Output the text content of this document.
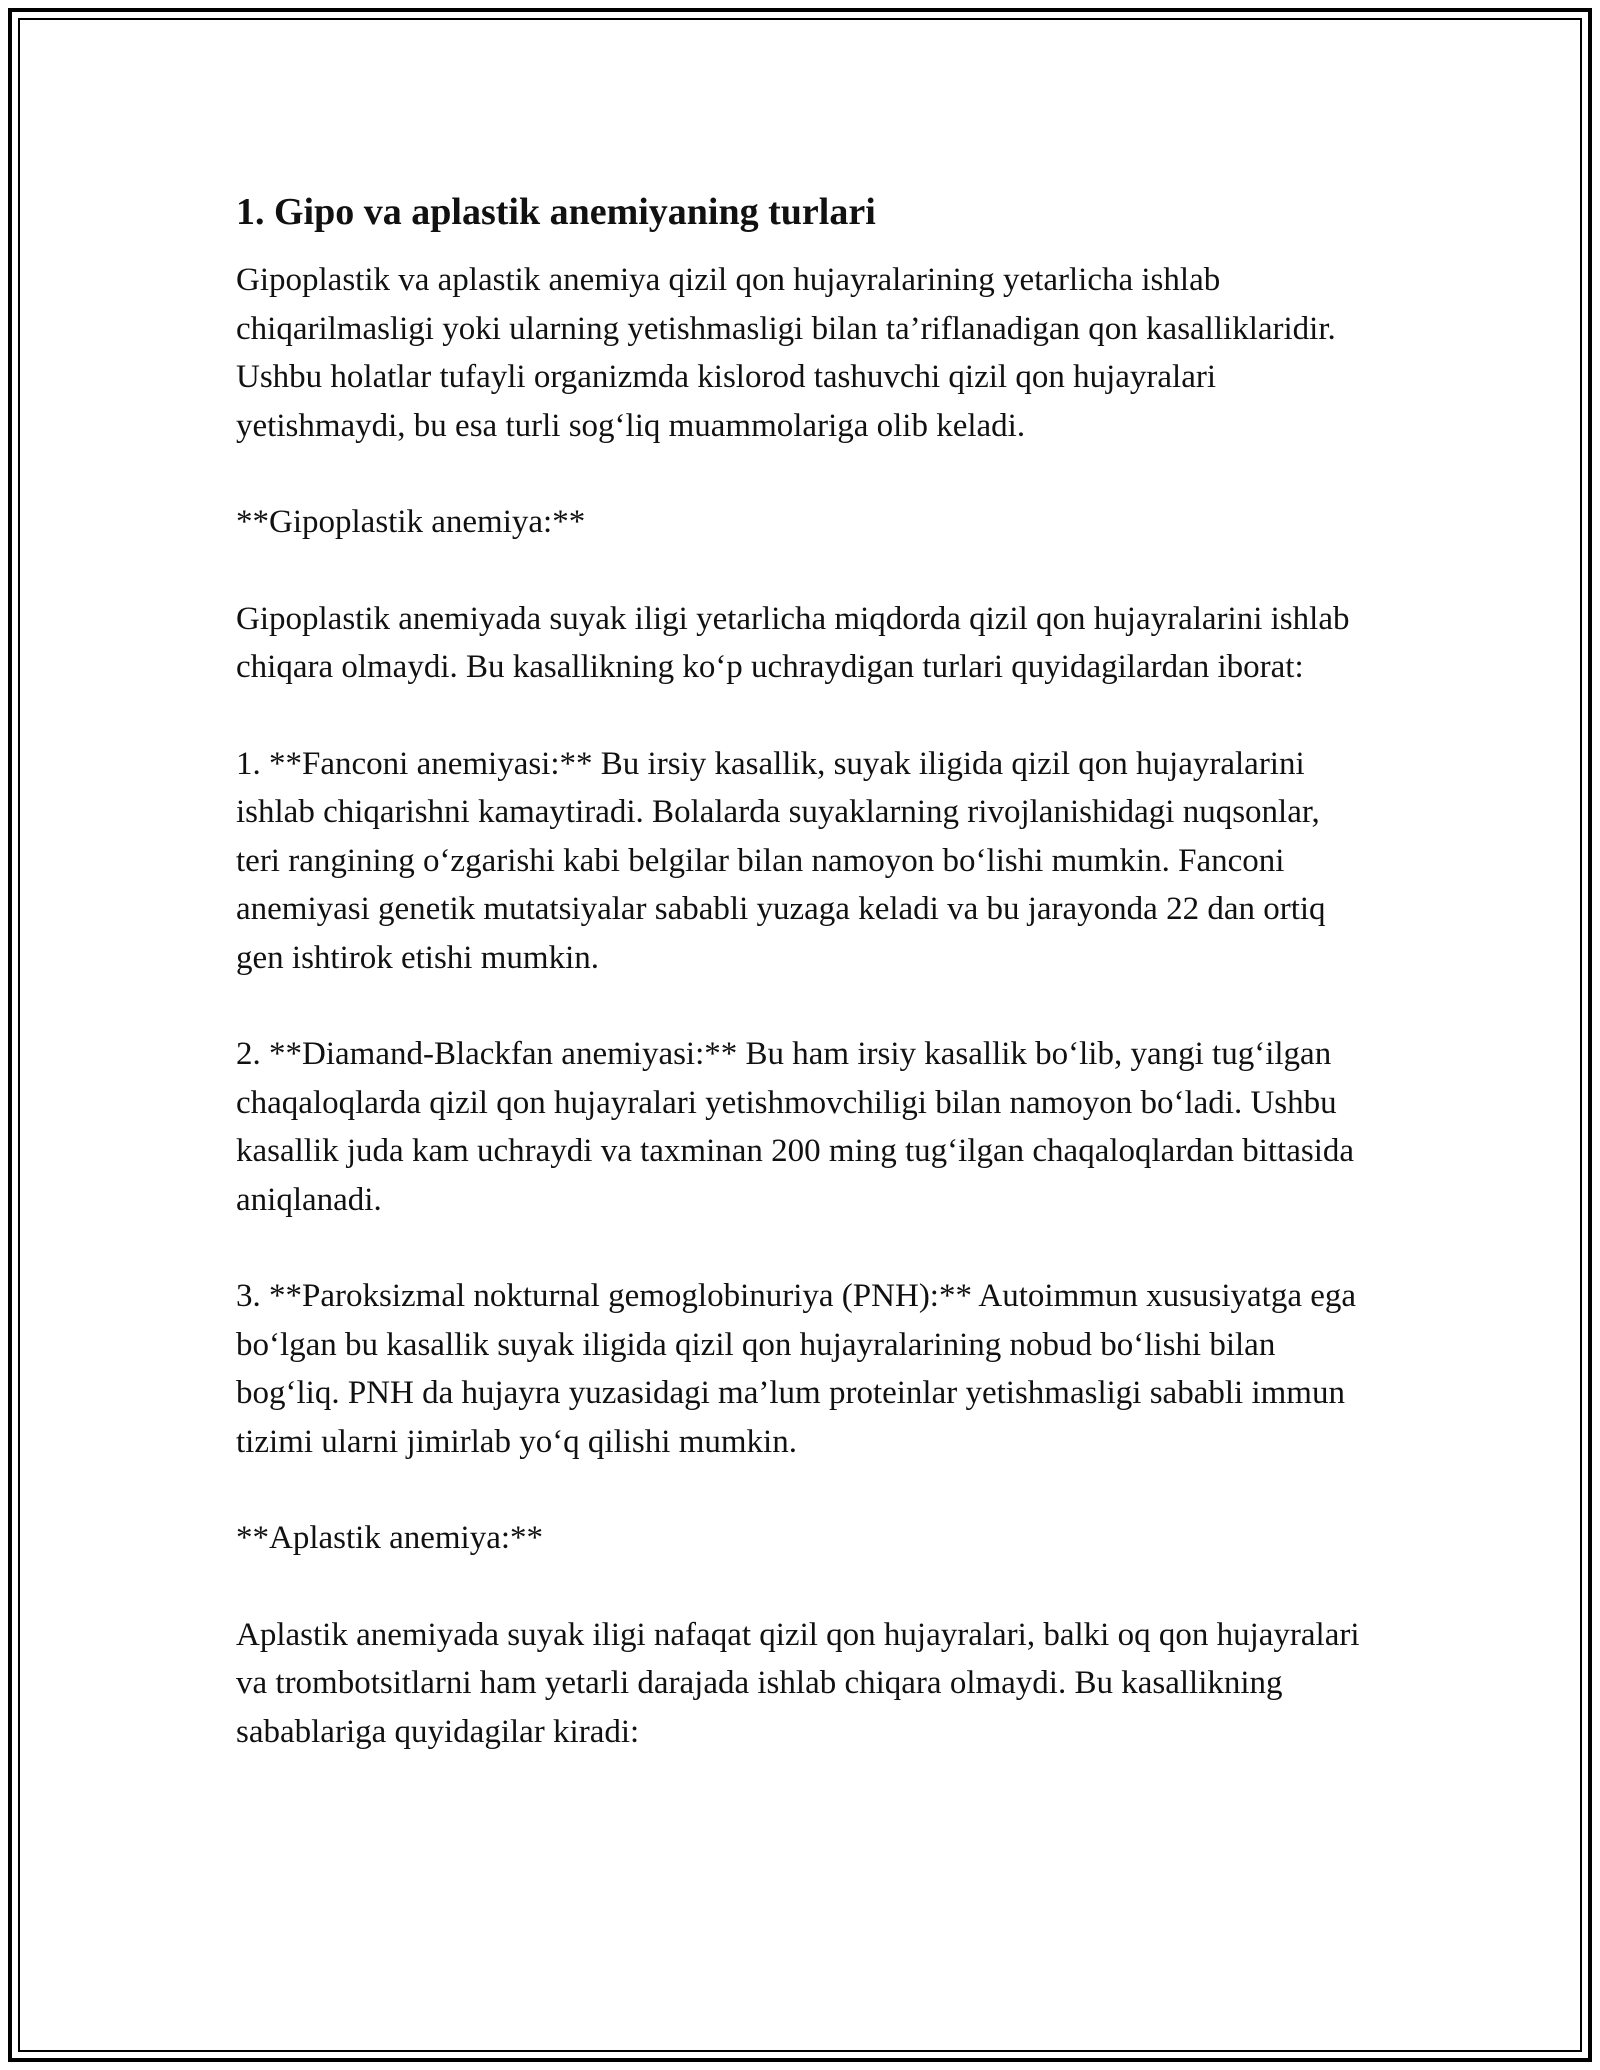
1. Gipo va aplastik anemiyaning turlari

Gipoplastik va aplastik anemiya qizil qon hujayralarining yetarlicha ishlab chiqarilmasligi yoki ularning yetishmasligi bilan ta’riflanadigan qon kasalliklaridir. Ushbu holatlar tufayli organizmda kislorod tashuvchi qizil qon hujayralari yetishmaydi, bu esa turli sog‘liq muammolariga olib keladi.

**Gipoplastik anemiya:**

Gipoplastik anemiyada suyak iligi yetarlicha miqdorda qizil qon hujayralarini ishlab chiqara olmaydi. Bu kasallikning ko‘p uchraydigan turlari quyidagilardan iborat:

1. **Fanconi anemiyasi:** Bu irsiy kasallik, suyak iligida qizil qon hujayralarini ishlab chiqarishni kamaytiradi. Bolalarda suyaklarning rivojlanishidagi nuqsonlar, teri rangining o‘zgarishi kabi belgilar bilan namoyon bo‘lishi mumkin. Fanconi anemiyasi genetik mutatsiyalar sababli yuzaga keladi va bu jarayonda 22 dan ortiq gen ishtirok etishi mumkin.

2. **Diamand-Blackfan anemiyasi:** Bu ham irsiy kasallik bo‘lib, yangi tug‘ilgan chaqaloqlarda qizil qon hujayralari yetishmovchiligi bilan namoyon bo‘ladi. Ushbu kasallik juda kam uchraydi va taxminan 200 ming tug‘ilgan chaqaloqlardan bittasida aniqlanadi.

3. **Paroksizmal nokturnal gemoglobinuriya (PNH):** Autoimmun xususiyatga ega bo‘lgan bu kasallik suyak iligida qizil qon hujayralarining nobud bo‘lishi bilan bog‘liq. PNH da hujayra yuzasidagi ma’lum proteinlar yetishmasligi sababli immun tizimi ularni jimirlab yo‘q qilishi mumkin.

**Aplastik anemiya:**

Aplastik anemiyada suyak iligi nafaqat qizil qon hujayralari, balki oq qon hujayralari va trombotsitlarni ham yetarli darajada ishlab chiqara olmaydi. Bu kasallikning sabablariga quyidagilar kiradi:
